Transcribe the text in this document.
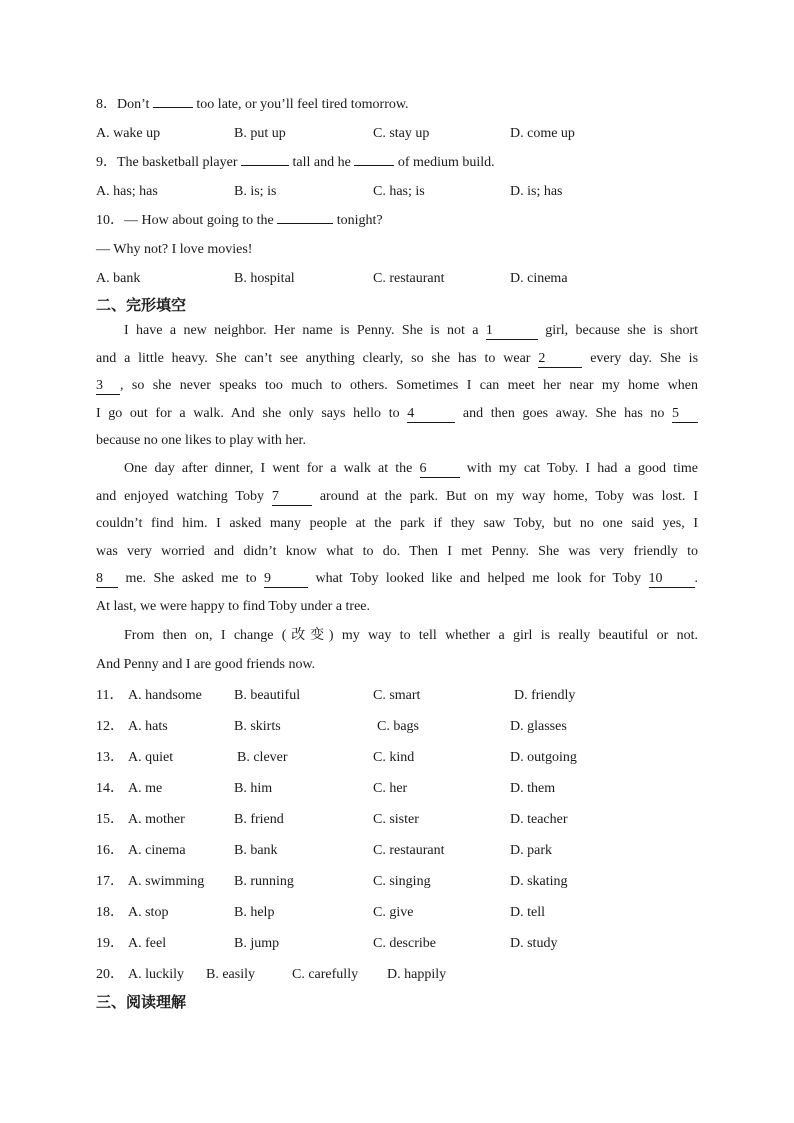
8．Don’t	too late, or you’ll feel tired tomorrow.
A. wake up	B. put up	C. stay up	D. come up
9．The basketball player	tall and he	of medium build.
A. has; has	B. is; is	C. has; is	D. is; has
10．— How about going to the	tonight?
— Why not? I love movies!
A. bank	B. hospital	C. restaurant	D. cinema
二、完形填空
I have a new neighbor. Her name is Penny. She is not a 1	girl, because she is short
and a little heavy. She can’t see anything clearly, so she has to wear 2	every day. She is
3 , so she never speaks too much to others. Sometimes I can meet her near my home when
I go out for a walk. And she only says hello to 4	and then goes away. She has no 5
because no one likes to play with her.
One day after dinner, I went for a walk at the 6	with my cat Toby. I had a good time
and enjoyed watching Toby 7	around at the park. But on my way home, Toby was lost. I
couldn’t find him. I asked many people at the park if they saw Toby, but no one said yes, I
was very worried and didn’t know what to do. Then I met Penny. She was very friendly to
8 me. She asked me to 9	what Toby looked like and helped me look for Toby 10 .
At last, we were happy to find Toby under a tree.
From then on, I change (改变) my way to tell whether a girl is really beautiful or not.
And Penny and I are good friends now.
11． A. handsome B. beautiful	C. smart	D. friendly
12． A. hats	B. skirts	C. bags	D. glasses
13． A. quiet	B. clever	C. kind	D. outgoing
14． A. me	B. him	C. her	D. them
15． A. mother	B. friend	C. sister	D. teacher
16． A. cinema	B. bank	C. restaurant	D. park
17． A. swimming B. running	C. singing	D. skating
18． A. stop	B. help	C. give	D. tell
19． A. feel	B. jump	C. describe	D. study
20． A. luckily B. easily	C. carefully D. happily
三、阅读理解
